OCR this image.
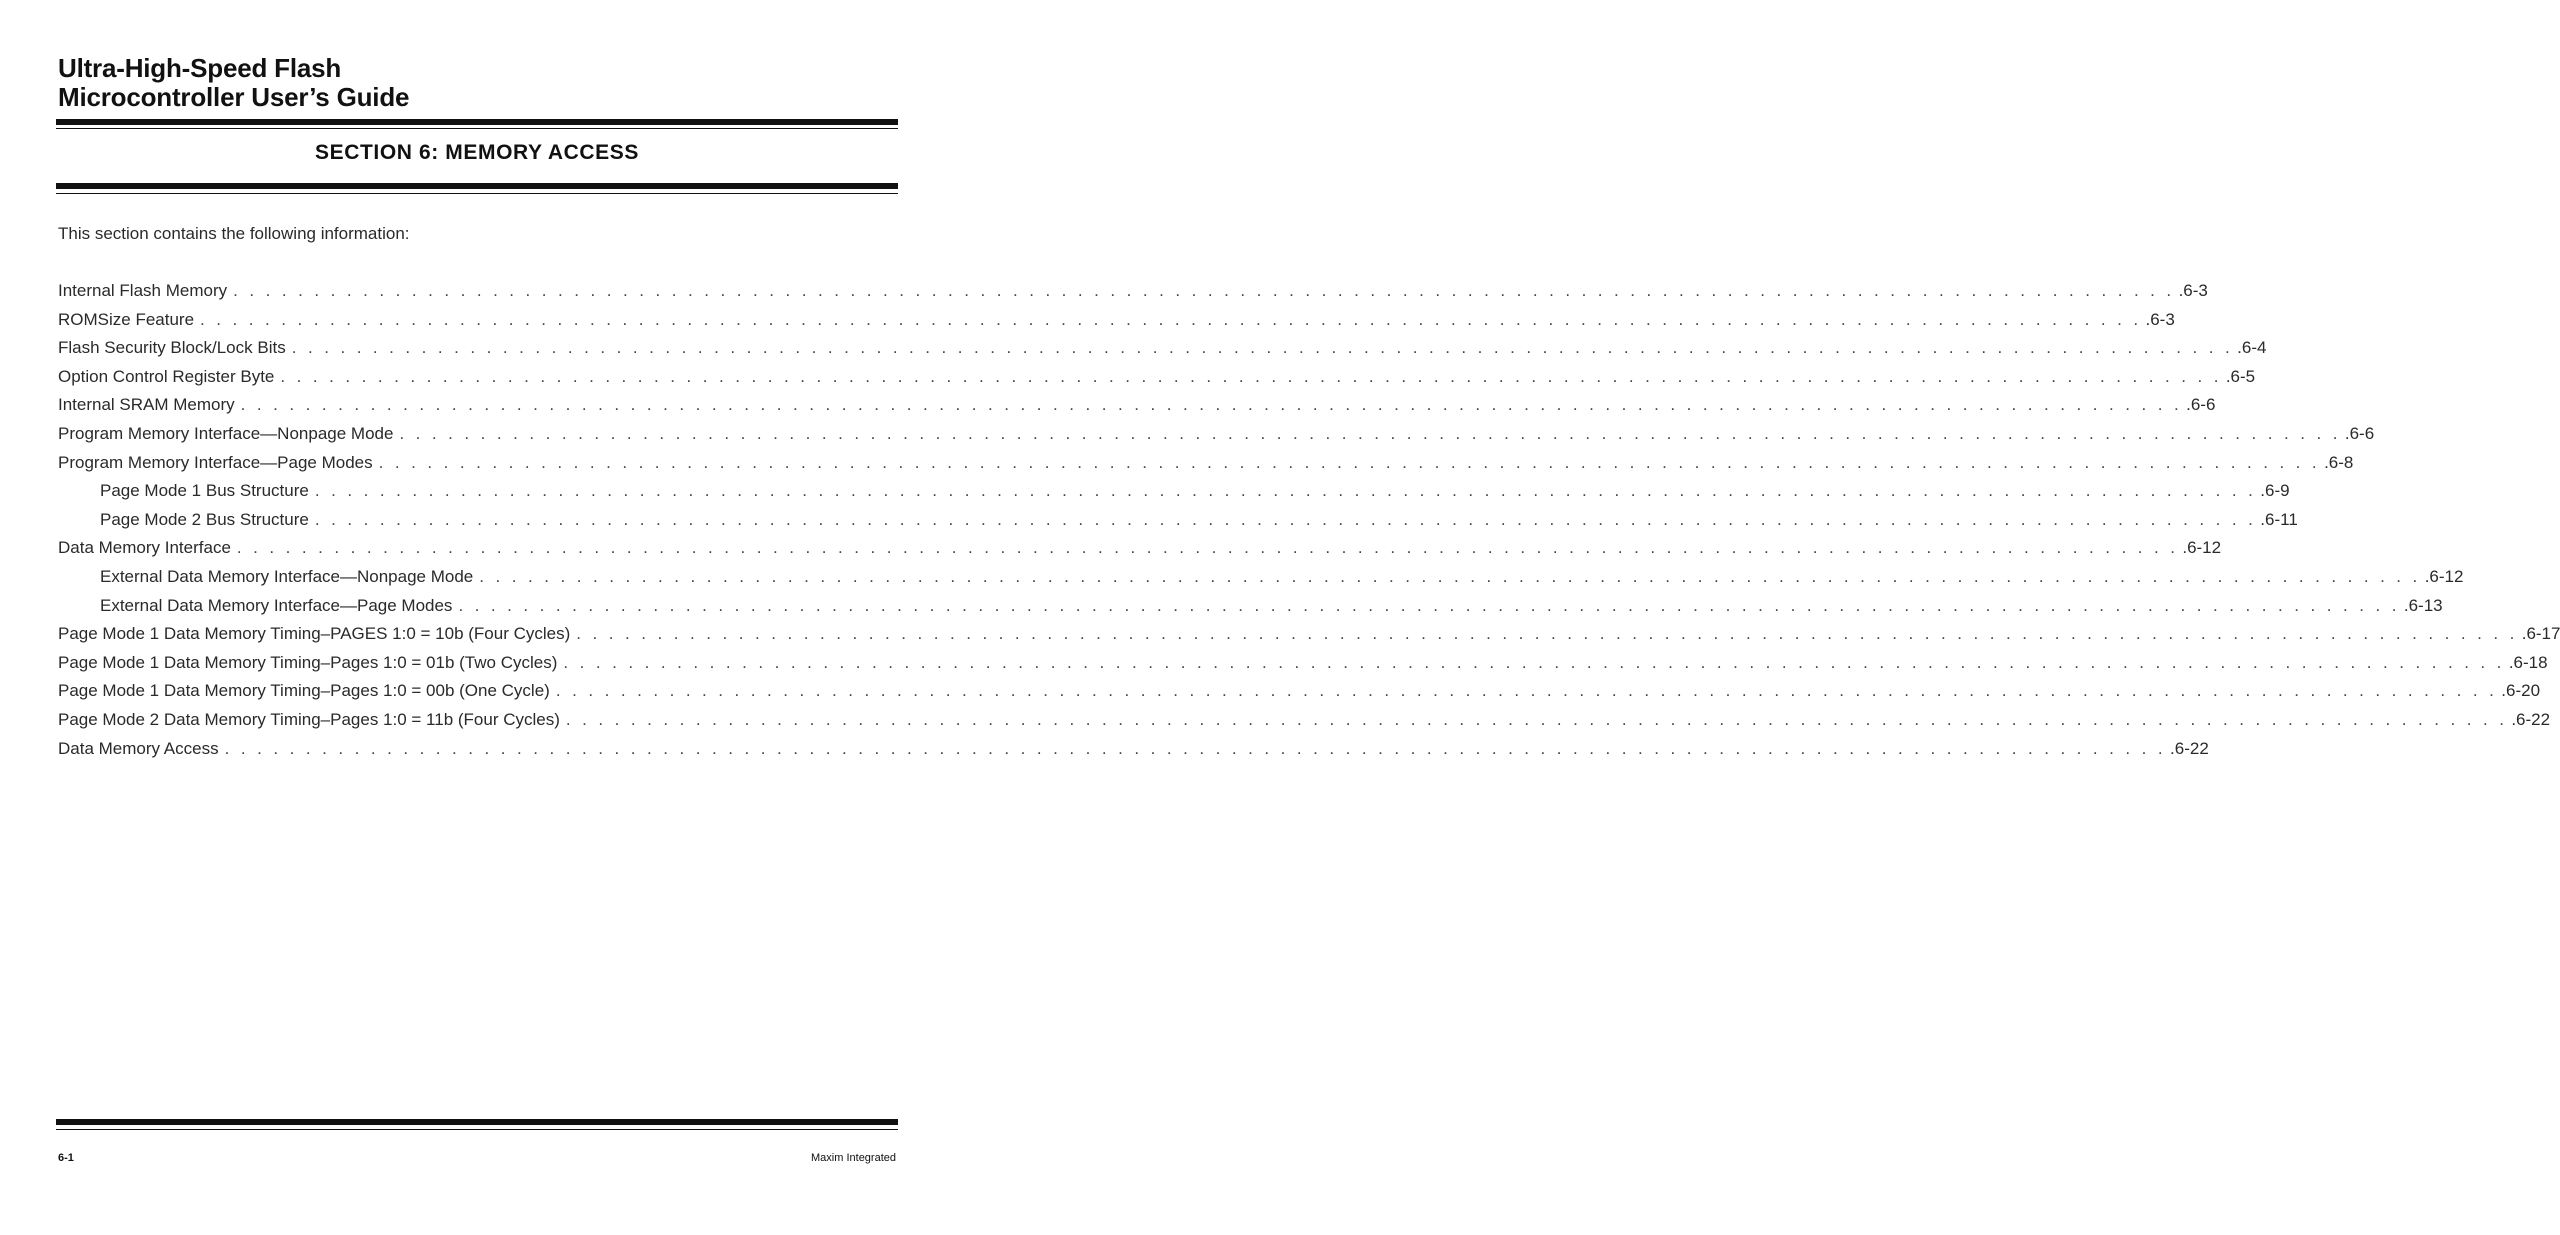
Ultra-High-Speed Flash
Microcontroller User’s Guide
SECTION 6: MEMORY ACCESS
This section contains the following information:
Internal Flash Memory . . . . . . . . . . . . . . . . . . . . . . . . . . . . . . . . . . . . . . . . . . . . . . . . . . . . . . . . . . . . . . . . . . . . . . . . . . . . . . . . . . . . . . . . . . . . . . . . . . . . . . . . . . . . . . . . . . . . . . . . .6-3
ROMSize Feature . . . . . . . . . . . . . . . . . . . . . . . . . . . . . . . . . . . . . . . . . . . . . . . . . . . . . . . . . . . . . . . . . . . . . . . . . . . . . . . . . . . . . . . . . . . . . . . . . . . . . . . . . . . . . . . . . . . . . . . . .6-3
Flash Security Block/Lock Bits . . . . . . . . . . . . . . . . . . . . . . . . . . . . . . . . . . . . . . . . . . . . . . . . . . . . . . . . . . . . . . . . . . . . . . . . . . . . . . . . . . . . . . . . . . . . . . . . . . . . . . . . . . . . . . . . . . . . . . . . .6-4
Option Control Register Byte . . . . . . . . . . . . . . . . . . . . . . . . . . . . . . . . . . . . . . . . . . . . . . . . . . . . . . . . . . . . . . . . . . . . . . . . . . . . . . . . . . . . . . . . . . . . . . . . . . . . . . . . . . . . . . . . . . . . . . . . .6-5
Internal SRAM Memory . . . . . . . . . . . . . . . . . . . . . . . . . . . . . . . . . . . . . . . . . . . . . . . . . . . . . . . . . . . . . . . . . . . . . . . . . . . . . . . . . . . . . . . . . . . . . . . . . . . . . . . . . . . . . . . . . . . . . . . . .6-6
Program Memory Interface—Nonpage Mode . . . . . . . . . . . . . . . . . . . . . . . . . . . . . . . . . . . . . . . . . . . . . . . . . . . . . . . . . . . . . . . . . . . . . . . . . . . . . . . . . . . . . . . . . . . . . . . . . . . . . . . . . . . . . . . . . . . . . . . . .6-6
Program Memory Interface—Page Modes . . . . . . . . . . . . . . . . . . . . . . . . . . . . . . . . . . . . . . . . . . . . . . . . . . . . . . . . . . . . . . . . . . . . . . . . . . . . . . . . . . . . . . . . . . . . . . . . . . . . . . . . . . . . . . . . . . . . . . . . .6-8
Page Mode 1 Bus Structure . . . . . . . . . . . . . . . . . . . . . . . . . . . . . . . . . . . . . . . . . . . . . . . . . . . . . . . . . . . . . . . . . . . . . . . . . . . . . . . . . . . . . . . . . . . . . . . . . . . . . . . . . . . . . . . . . . . . . . . . .6-9
Page Mode 2 Bus Structure . . . . . . . . . . . . . . . . . . . . . . . . . . . . . . . . . . . . . . . . . . . . . . . . . . . . . . . . . . . . . . . . . . . . . . . . . . . . . . . . . . . . . . . . . . . . . . . . . . . . . . . . . . . . . . . . . . . . . . . . .6-11
Data Memory Interface . . . . . . . . . . . . . . . . . . . . . . . . . . . . . . . . . . . . . . . . . . . . . . . . . . . . . . . . . . . . . . . . . . . . . . . . . . . . . . . . . . . . . . . . . . . . . . . . . . . . . . . . . . . . . . . . . . . . . . . . .6-12
External Data Memory Interface—Nonpage Mode . . . . . . . . . . . . . . . . . . . . . . . . . . . . . . . . . . . . . . . . . . . . . . . . . . . . . . . . . . . . . . . . . . . . . . . . . . . . . . . . . . . . . . . . . . . . . . . . . . . . . . . . . . . . . . . . . . . . . . . . .6-12
External Data Memory Interface—Page Modes . . . . . . . . . . . . . . . . . . . . . . . . . . . . . . . . . . . . . . . . . . . . . . . . . . . . . . . . . . . . . . . . . . . . . . . . . . . . . . . . . . . . . . . . . . . . . . . . . . . . . . . . . . . . . . . . . . . . . . . . .6-13
Page Mode 1 Data Memory Timing–PAGES 1:0 = 10b (Four Cycles) . . . . . . . . . . . . . . . . . . . . . . . . . . . . . . . . . . . . . . . . . . . . . . . . . . . . . . . . . . . . . . . . . . . . . . . . . . . . . . . . . . . . . . . . . . . . . . . . . . . . . . . . . . . . . . . . . . . . . . . . .6-17
Page Mode 1 Data Memory Timing–Pages 1:0 = 01b (Two Cycles) . . . . . . . . . . . . . . . . . . . . . . . . . . . . . . . . . . . . . . . . . . . . . . . . . . . . . . . . . . . . . . . . . . . . . . . . . . . . . . . . . . . . . . . . . . . . . . . . . . . . . . . . . . . . . . . . . . . . . . . . .6-18
Page Mode 1 Data Memory Timing–Pages 1:0 = 00b (One Cycle) . . . . . . . . . . . . . . . . . . . . . . . . . . . . . . . . . . . . . . . . . . . . . . . . . . . . . . . . . . . . . . . . . . . . . . . . . . . . . . . . . . . . . . . . . . . . . . . . . . . . . . . . . . . . . . . . . . . . . . . . .6-20
Page Mode 2 Data Memory Timing–Pages 1:0 = 11b (Four Cycles) . . . . . . . . . . . . . . . . . . . . . . . . . . . . . . . . . . . . . . . . . . . . . . . . . . . . . . . . . . . . . . . . . . . . . . . . . . . . . . . . . . . . . . . . . . . . . . . . . . . . . . . . . . . . . . . . . . . . . . . . .6-22
Data Memory Access . . . . . . . . . . . . . . . . . . . . . . . . . . . . . . . . . . . . . . . . . . . . . . . . . . . . . . . . . . . . . . . . . . . . . . . . . . . . . . . . . . . . . . . . . . . . . . . . . . . . . . . . . . . . . . . . . . . . . . . . .6-22
6-1	Maxim Integrated
